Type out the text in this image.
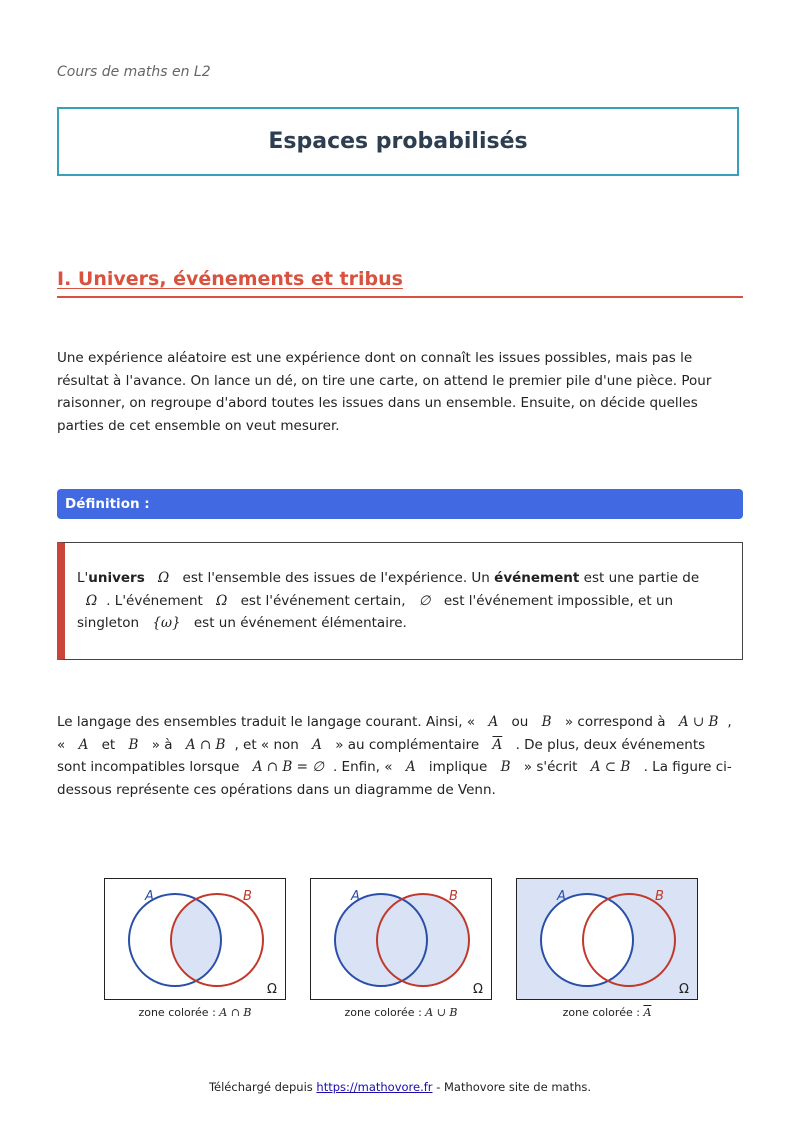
Cours de maths en L2
Espaces probabilisés
I. Univers, événements et tribus
Une expérience aléatoire est une expérience dont on connaît les issues possibles, mais pas le résultat à l'avance. On lance un dé, on tire une carte, on attend le premier pile d'une pièce. Pour raisonner, on regroupe d'abord toutes les issues dans un ensemble. Ensuite, on décide quelles parties de cet ensemble on veut mesurer.
Définition :
L'univers Ω est l'ensemble des issues de l'expérience. Un événement est une partie de Ω . L'événement Ω est l'événement certain, ∅ est l'événement impossible, et un singleton {ω} est un événement élémentaire.
Le langage des ensembles traduit le langage courant. Ainsi, « A ou B » correspond à A ∪ B , « A et B » à A ∩ B , et « non A » au complémentaire $\overline{A}$ . De plus, deux événements sont incompatibles lorsque A ∩ B = ∅ . Enfin, « A implique B » s'écrit A ⊂ B . La figure ci-dessous représente ces opérations dans un diagramme de Venn.
A	B
Ω
zone colorée : A ∩ B
A	B
Ω
zone colorée : A ∪ B
A	B
Ω
zone colorée : $\overline{A}$
Téléchargé depuis https://mathovore.fr - Mathovore site de maths.
